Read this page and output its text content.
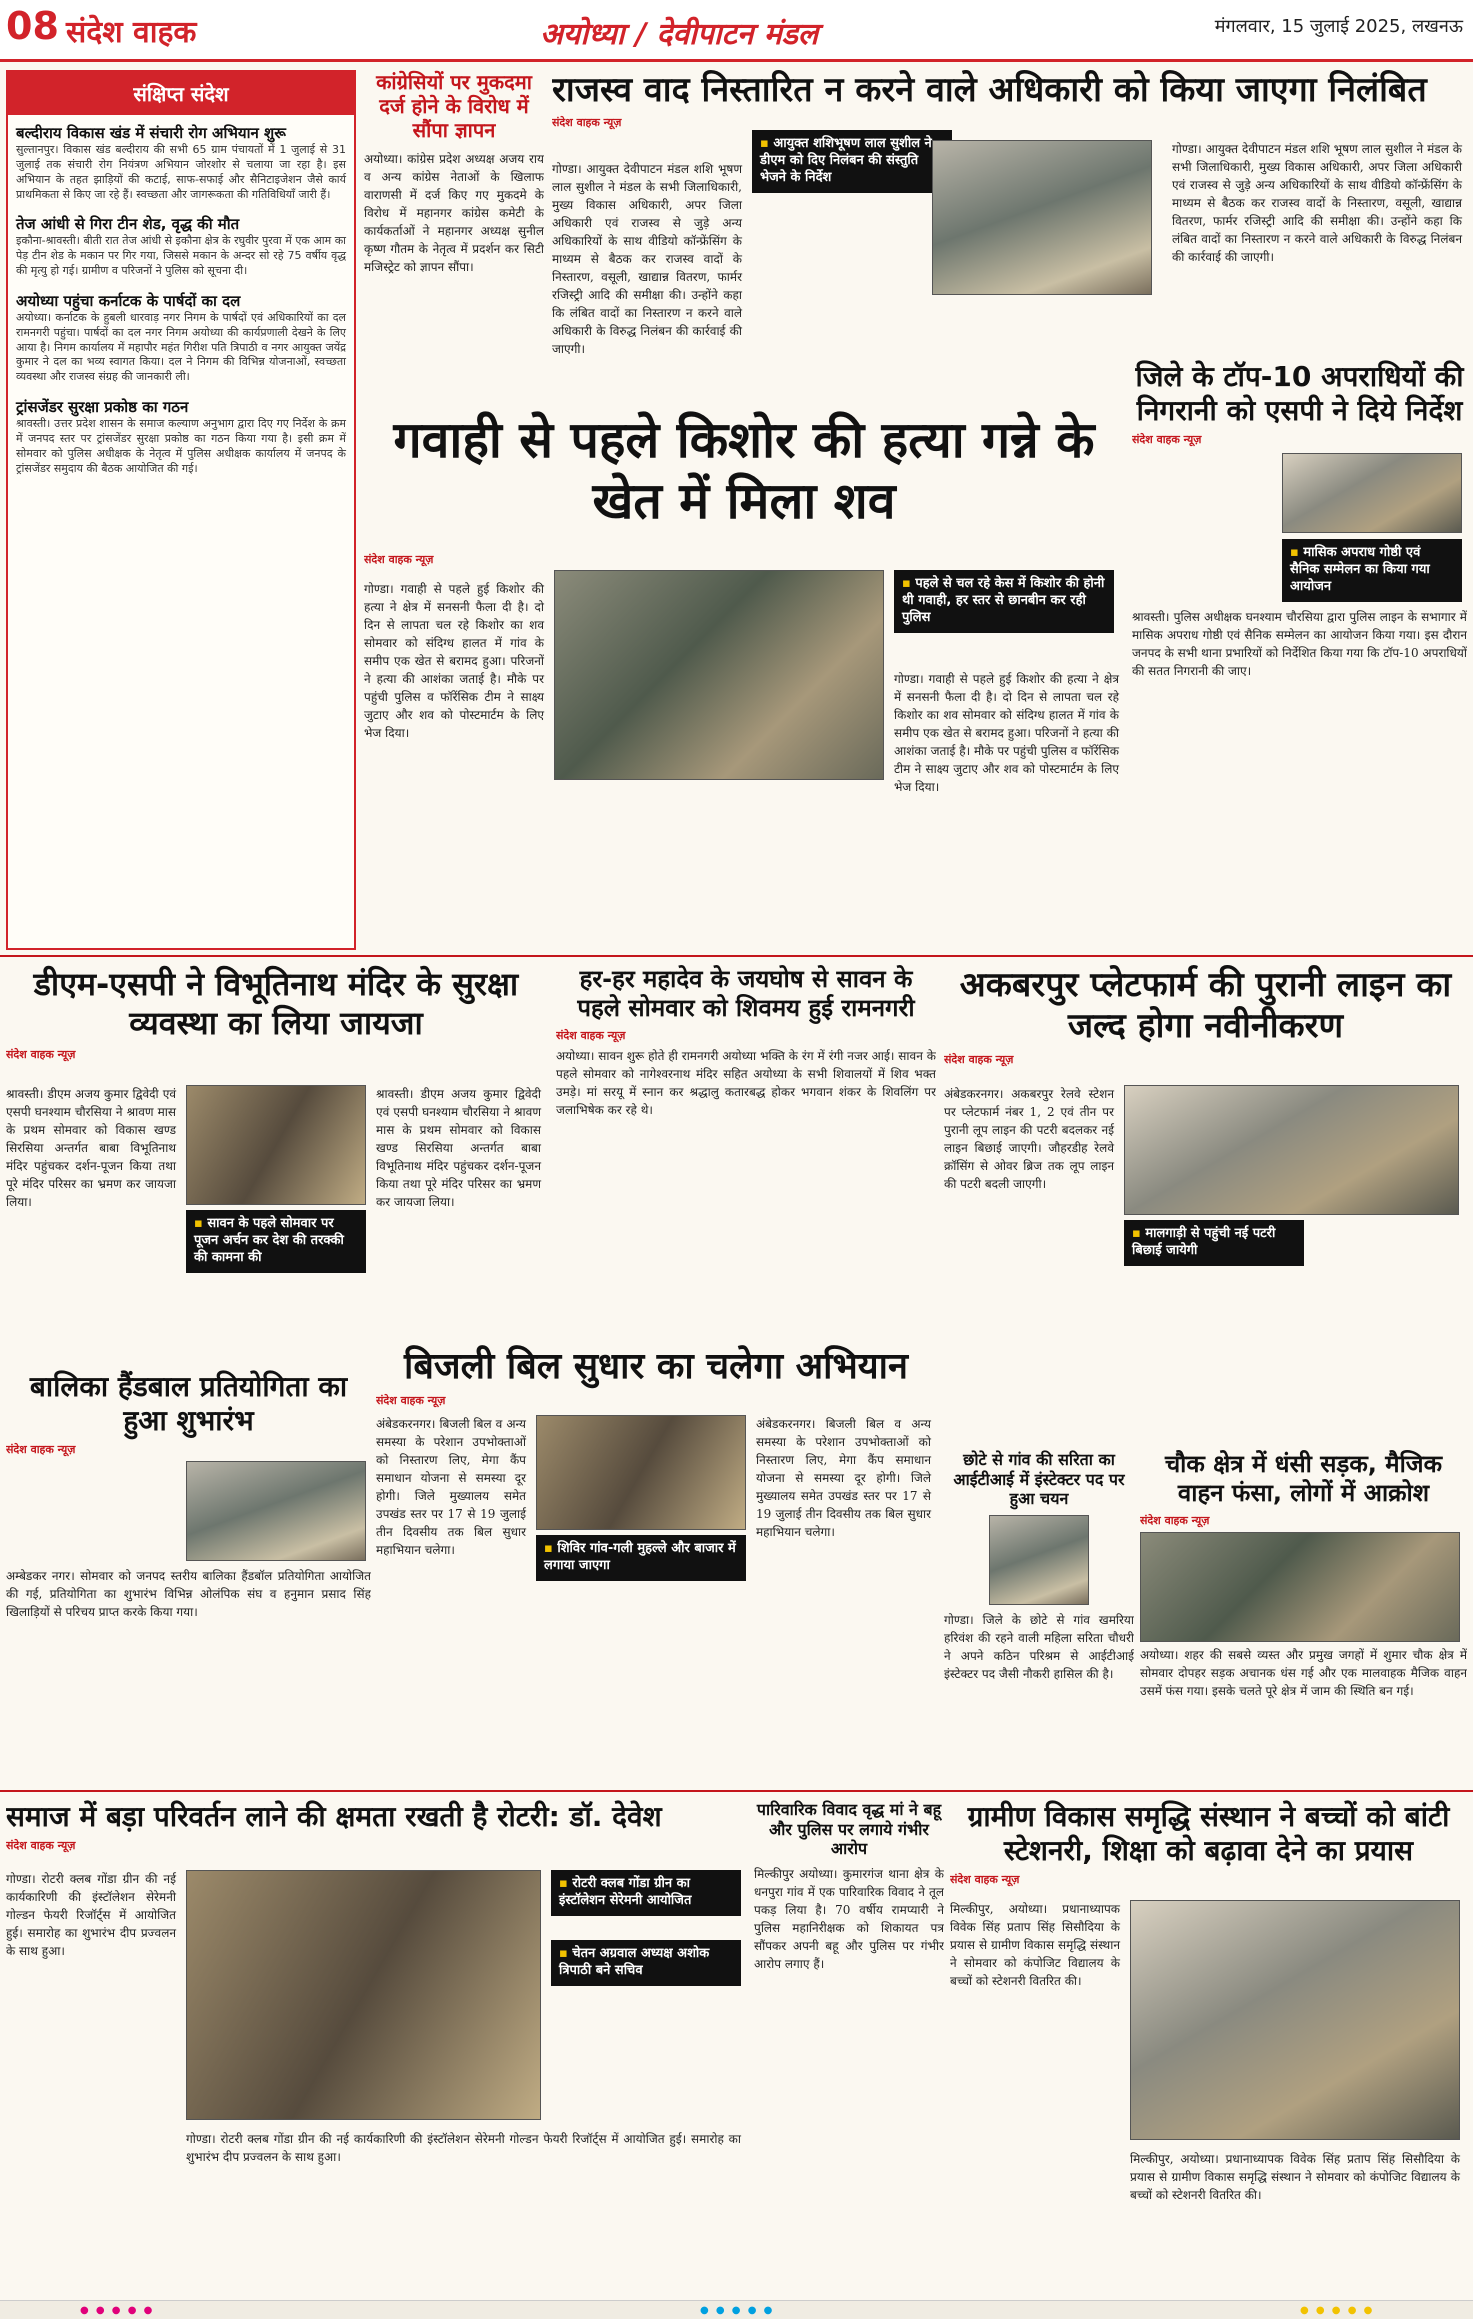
08 संदेश वाहक	अयोध्या / देवीपाटन मंडल	मंगलवार, 15 जुलाई 2025, लखनऊ
संक्षिप्त संदेश
बल्दीराय विकास खंड में संचारी रोग अभियान शुरू
सुल्तानपुर। विकास खंड बल्दीराय की सभी 65 ग्राम पंचायतों में 1 जुलाई से 31 जुलाई तक संचारी रोग नियंत्रण अभियान जोरशोर से चलाया जा रहा है। इस अभियान के तहत झाड़ियों की कटाई, साफ-सफाई और सैनिटाइजेशन जैसे कार्य प्राथमिकता से किए जा रहे हैं। स्वच्छता और जागरूकता की गतिविधियाँ जारी हैं।
तेज आंधी से गिरा टीन शेड, वृद्ध की मौत
इकौना-श्रावस्ती। बीती रात तेज आंधी से इकौना क्षेत्र के रघुवीर पुरवा में एक आम का पेड़ टीन शेड के मकान पर गिर गया, जिससे मकान के अन्दर सो रहे 75 वर्षीय वृद्ध की मृत्यु हो गई। ग्रामीण व परिजनों ने पुलिस को सूचना दी।
अयोध्या पहुंचा कर्नाटक के पार्षदों का दल
अयोध्या। कर्नाटक के हुबली धारवाड़ नगर निगम के पार्षदों एवं अधिकारियों का दल रामनगरी पहुंचा। पार्षदों का दल नगर निगम अयोध्या की कार्यप्रणाली देखने के लिए आया है। निगम कार्यालय में महापौर महंत गिरीश पति त्रिपाठी व नगर आयुक्त जयेंद्र कुमार ने दल का भव्य स्वागत किया। दल ने निगम की विभिन्न योजनाओं, स्वच्छता व्यवस्था और राजस्व संग्रह की जानकारी ली।
ट्रांसजेंडर सुरक्षा प्रकोष्ठ का गठन
श्रावस्ती। उत्तर प्रदेश शासन के समाज कल्याण अनुभाग द्वारा दिए गए निर्देश के क्रम में जनपद स्तर पर ट्रांसजेंडर सुरक्षा प्रकोष्ठ का गठन किया गया है। इसी क्रम में सोमवार को पुलिस अधीक्षक के नेतृत्व में पुलिस अधीक्षक कार्यालय में जनपद के ट्रांसजेंडर समुदाय की बैठक आयोजित की गई।
कांग्रेसियों पर मुकदमा दर्ज होने के विरोध में सौंपा ज्ञापन
अयोध्या। कांग्रेस प्रदेश अध्यक्ष अजय राय व अन्य कांग्रेस नेताओं के खिलाफ वाराणसी में दर्ज किए गए मुकदमे के विरोध में महानगर कांग्रेस कमेटी के कार्यकर्ताओं ने महानगर अध्यक्ष सुनील कृष्ण गौतम के नेतृत्व में प्रदर्शन कर सिटी मजिस्ट्रेट को ज्ञापन सौंपा।
राजस्व वाद निस्तारित न करने वाले अधिकारी को किया जाएगा निलंबित
संदेश वाहक न्यूज़
▪ आयुक्त शशिभूषण लाल सुशील ने डीएम को दिए निलंबन की संस्तुति भेजने के निर्देश
गोण्डा। आयुक्त देवीपाटन मंडल शशि भूषण लाल सुशील ने मंडल के सभी जिलाधिकारी, मुख्य विकास अधिकारी, अपर जिला अधिकारी एवं राजस्व से जुड़े अन्य अधिकारियों के साथ वीडियो कॉन्फ्रेंसिंग के माध्यम से बैठक कर राजस्व वादों के निस्तारण, वसूली, खाद्यान्न वितरण, फार्मर रजिस्ट्री आदि की समीक्षा की। उन्होंने कहा कि लंबित वादों का निस्तारण न करने वाले अधिकारी के विरुद्ध निलंबन की कार्रवाई की जाएगी।
गोण्डा। आयुक्त देवीपाटन मंडल शशि भूषण लाल सुशील ने मंडल के सभी जिलाधिकारी, मुख्य विकास अधिकारी, अपर जिला अधिकारी एवं राजस्व से जुड़े अन्य अधिकारियों के साथ वीडियो कॉन्फ्रेंसिंग के माध्यम से बैठक कर राजस्व वादों के निस्तारण, वसूली, खाद्यान्न वितरण, फार्मर रजिस्ट्री आदि की समीक्षा की। उन्होंने कहा कि लंबित वादों का निस्तारण न करने वाले अधिकारी के विरुद्ध निलंबन की कार्रवाई की जाएगी।
गवाही से पहले किशोर की हत्या गन्ने के खेत में मिला शव
संदेश वाहक न्यूज़
गोण्डा। गवाही से पहले हुई किशोर की हत्या ने क्षेत्र में सनसनी फैला दी है। दो दिन से लापता चल रहे किशोर का शव सोमवार को संदिग्ध हालत में गांव के समीप एक खेत से बरामद हुआ। परिजनों ने हत्या की आशंका जताई है। मौके पर पहुंची पुलिस व फॉरेंसिक टीम ने साक्ष्य जुटाए और शव को पोस्टमार्टम के लिए भेज दिया।
▪ पहले से चल रहे केस में किशोर की होनी थी गवाही, हर स्तर से छानबीन कर रही पुलिस
गोण्डा। गवाही से पहले हुई किशोर की हत्या ने क्षेत्र में सनसनी फैला दी है। दो दिन से लापता चल रहे किशोर का शव सोमवार को संदिग्ध हालत में गांव के समीप एक खेत से बरामद हुआ। परिजनों ने हत्या की आशंका जताई है। मौके पर पहुंची पुलिस व फॉरेंसिक टीम ने साक्ष्य जुटाए और शव को पोस्टमार्टम के लिए भेज दिया।
जिले के टॉप-10 अपराधियों की निगरानी को एसपी ने दिये निर्देश
संदेश वाहक न्यूज़
▪ मासिक अपराध गोष्ठी एवं सैनिक सम्मेलन का किया गया आयोजन
श्रावस्ती। पुलिस अधीक्षक घनश्याम चौरसिया द्वारा पुलिस लाइन के सभागार में मासिक अपराध गोष्ठी एवं सैनिक सम्मेलन का आयोजन किया गया। इस दौरान जनपद के सभी थाना प्रभारियों को निर्देशित किया गया कि टॉप-10 अपराधियों की सतत निगरानी की जाए।
डीएम-एसपी ने विभूतिनाथ मंदिर के सुरक्षा व्यवस्था का लिया जायजा
संदेश वाहक न्यूज़
श्रावस्ती। डीएम अजय कुमार द्विवेदी एवं एसपी घनश्याम चौरसिया ने श्रावण मास के प्रथम सोमवार को विकास खण्ड सिरसिया अन्तर्गत बाबा विभूतिनाथ मंदिर पहुंचकर दर्शन-पूजन किया तथा पूरे मंदिर परिसर का भ्रमण कर जायजा लिया।
▪ सावन के पहले सोमवार पर पूजन अर्चन कर देश की तरक्की की कामना की
श्रावस्ती। डीएम अजय कुमार द्विवेदी एवं एसपी घनश्याम चौरसिया ने श्रावण मास के प्रथम सोमवार को विकास खण्ड सिरसिया अन्तर्गत बाबा विभूतिनाथ मंदिर पहुंचकर दर्शन-पूजन किया तथा पूरे मंदिर परिसर का भ्रमण कर जायजा लिया।
हर-हर महादेव के जयघोष से सावन के पहले सोमवार को शिवमय हुई रामनगरी
संदेश वाहक न्यूज़
अयोध्या। सावन शुरू होते ही रामनगरी अयोध्या भक्ति के रंग में रंगी नजर आई। सावन के पहले सोमवार को नागेश्वरनाथ मंदिर सहित अयोध्या के सभी शिवालयों में शिव भक्त उमड़े। मां सरयू में स्नान कर श्रद्धालु कतारबद्ध होकर भगवान शंकर के शिवलिंग पर जलाभिषेक कर रहे थे।
अकबरपुर प्लेटफार्म की पुरानी लाइन का जल्द होगा नवीनीकरण
संदेश वाहक न्यूज़
▪ मालगाड़ी से पहुंची नई पटरी बिछाई जायेगी
अंबेडकरनगर। अकबरपुर रेलवे स्टेशन पर प्लेटफार्म नंबर 1, 2 एवं तीन पर पुरानी लूप लाइन की पटरी बदलकर नई लाइन बिछाई जाएगी। जौहरडीह रेलवे क्रॉसिंग से ओवर ब्रिज तक लूप लाइन की पटरी बदली जाएगी।
बालिका हैंडबाल प्रतियोगिता का हुआ शुभारंभ
संदेश वाहक न्यूज़
अम्बेडकर नगर। सोमवार को जनपद स्तरीय बालिका हैंडबॉल प्रतियोगिता आयोजित की गई, प्रतियोगिता का शुभारंभ विभिन्न ओलंपिक संघ व हनुमान प्रसाद सिंह खिलाड़ियों से परिचय प्राप्त करके किया गया।
बिजली बिल सुधार का चलेगा अभियान
संदेश वाहक न्यूज़
▪ शिविर गांव-गली मुहल्ले और बाजार में लगाया जाएगा
अंबेडकरनगर। बिजली बिल व अन्य समस्या के परेशान उपभोक्ताओं को निस्तारण लिए, मेगा कैंप समाधान योजना से समस्या दूर होगी। जिले मुख्यालय समेत उपखंड स्तर पर 17 से 19 जुलाई तीन दिवसीय तक बिल सुधार महाभियान चलेगा।
अंबेडकरनगर। बिजली बिल व अन्य समस्या के परेशान उपभोक्ताओं को निस्तारण लिए, मेगा कैंप समाधान योजना से समस्या दूर होगी। जिले मुख्यालय समेत उपखंड स्तर पर 17 से 19 जुलाई तीन दिवसीय तक बिल सुधार महाभियान चलेगा।
छोटे से गांव की सरिता का आईटीआई में इंस्टेक्टर पद पर हुआ चयन
गोण्डा। जिले के छोटे से गांव खमरिया हरिवंश की रहने वाली महिला सरिता चौधरी ने अपने कठिन परिश्रम से आईटीआई इंस्टेक्टर पद जैसी नौकरी हासिल की है।
चौक क्षेत्र में धंसी सड़क, मैजिक वाहन फंसा, लोगों में आक्रोश
संदेश वाहक न्यूज़
अयोध्या। शहर की सबसे व्यस्त और प्रमुख जगहों में शुमार चौक क्षेत्र में सोमवार दोपहर सड़क अचानक धंस गई और एक मालवाहक मैजिक वाहन उसमें फंस गया। इसके चलते पूरे क्षेत्र में जाम की स्थिति बन गई।
समाज में बड़ा परिवर्तन लाने की क्षमता रखती है रोटरी: डॉ. देवेश
संदेश वाहक न्यूज़
गोण्डा। रोटरी क्लब गोंडा ग्रीन की नई कार्यकारिणी की इंस्टॉलेशन सेरेमनी गोल्डन फेयरी रिजॉर्ट्स में आयोजित हुई। समारोह का शुभारंभ दीप प्रज्वलन के साथ हुआ।
▪ रोटरी क्लब गोंडा ग्रीन का इंस्टॉलेशन सेरेमनी आयोजित
▪ चेतन अग्रवाल अध्यक्ष अशोक त्रिपाठी बने सचिव
गोण्डा। रोटरी क्लब गोंडा ग्रीन की नई कार्यकारिणी की इंस्टॉलेशन सेरेमनी गोल्डन फेयरी रिजॉर्ट्स में आयोजित हुई। समारोह का शुभारंभ दीप प्रज्वलन के साथ हुआ।
पारिवारिक विवाद वृद्ध मां ने बहू और पुलिस पर लगाये गंभीर आरोप
मिल्कीपुर अयोध्या। कुमारगंज थाना क्षेत्र के धनपुरा गांव में एक पारिवारिक विवाद ने तूल पकड़ लिया है। 70 वर्षीय रामप्यारी ने पुलिस महानिरीक्षक को शिकायत पत्र सौंपकर अपनी बहू और पुलिस पर गंभीर आरोप लगाए हैं।
ग्रामीण विकास समृद्धि संस्थान ने बच्चों को बांटी स्टेशनरी, शिक्षा को बढ़ावा देने का प्रयास
संदेश वाहक न्यूज़
मिल्कीपुर, अयोध्या। प्रधानाध्यापक विवेक सिंह प्रताप सिंह सिसौदिया के प्रयास से ग्रामीण विकास समृद्धि संस्थान ने सोमवार को कंपोजिट विद्यालय के बच्चों को स्टेशनरी वितरित की।
मिल्कीपुर, अयोध्या। प्रधानाध्यापक विवेक सिंह प्रताप सिंह सिसौदिया के प्रयास से ग्रामीण विकास समृद्धि संस्थान ने सोमवार को कंपोजिट विद्यालय के बच्चों को स्टेशनरी वितरित की।
● ● ● ● ●	● ● ● ● ●	● ● ● ● ●
